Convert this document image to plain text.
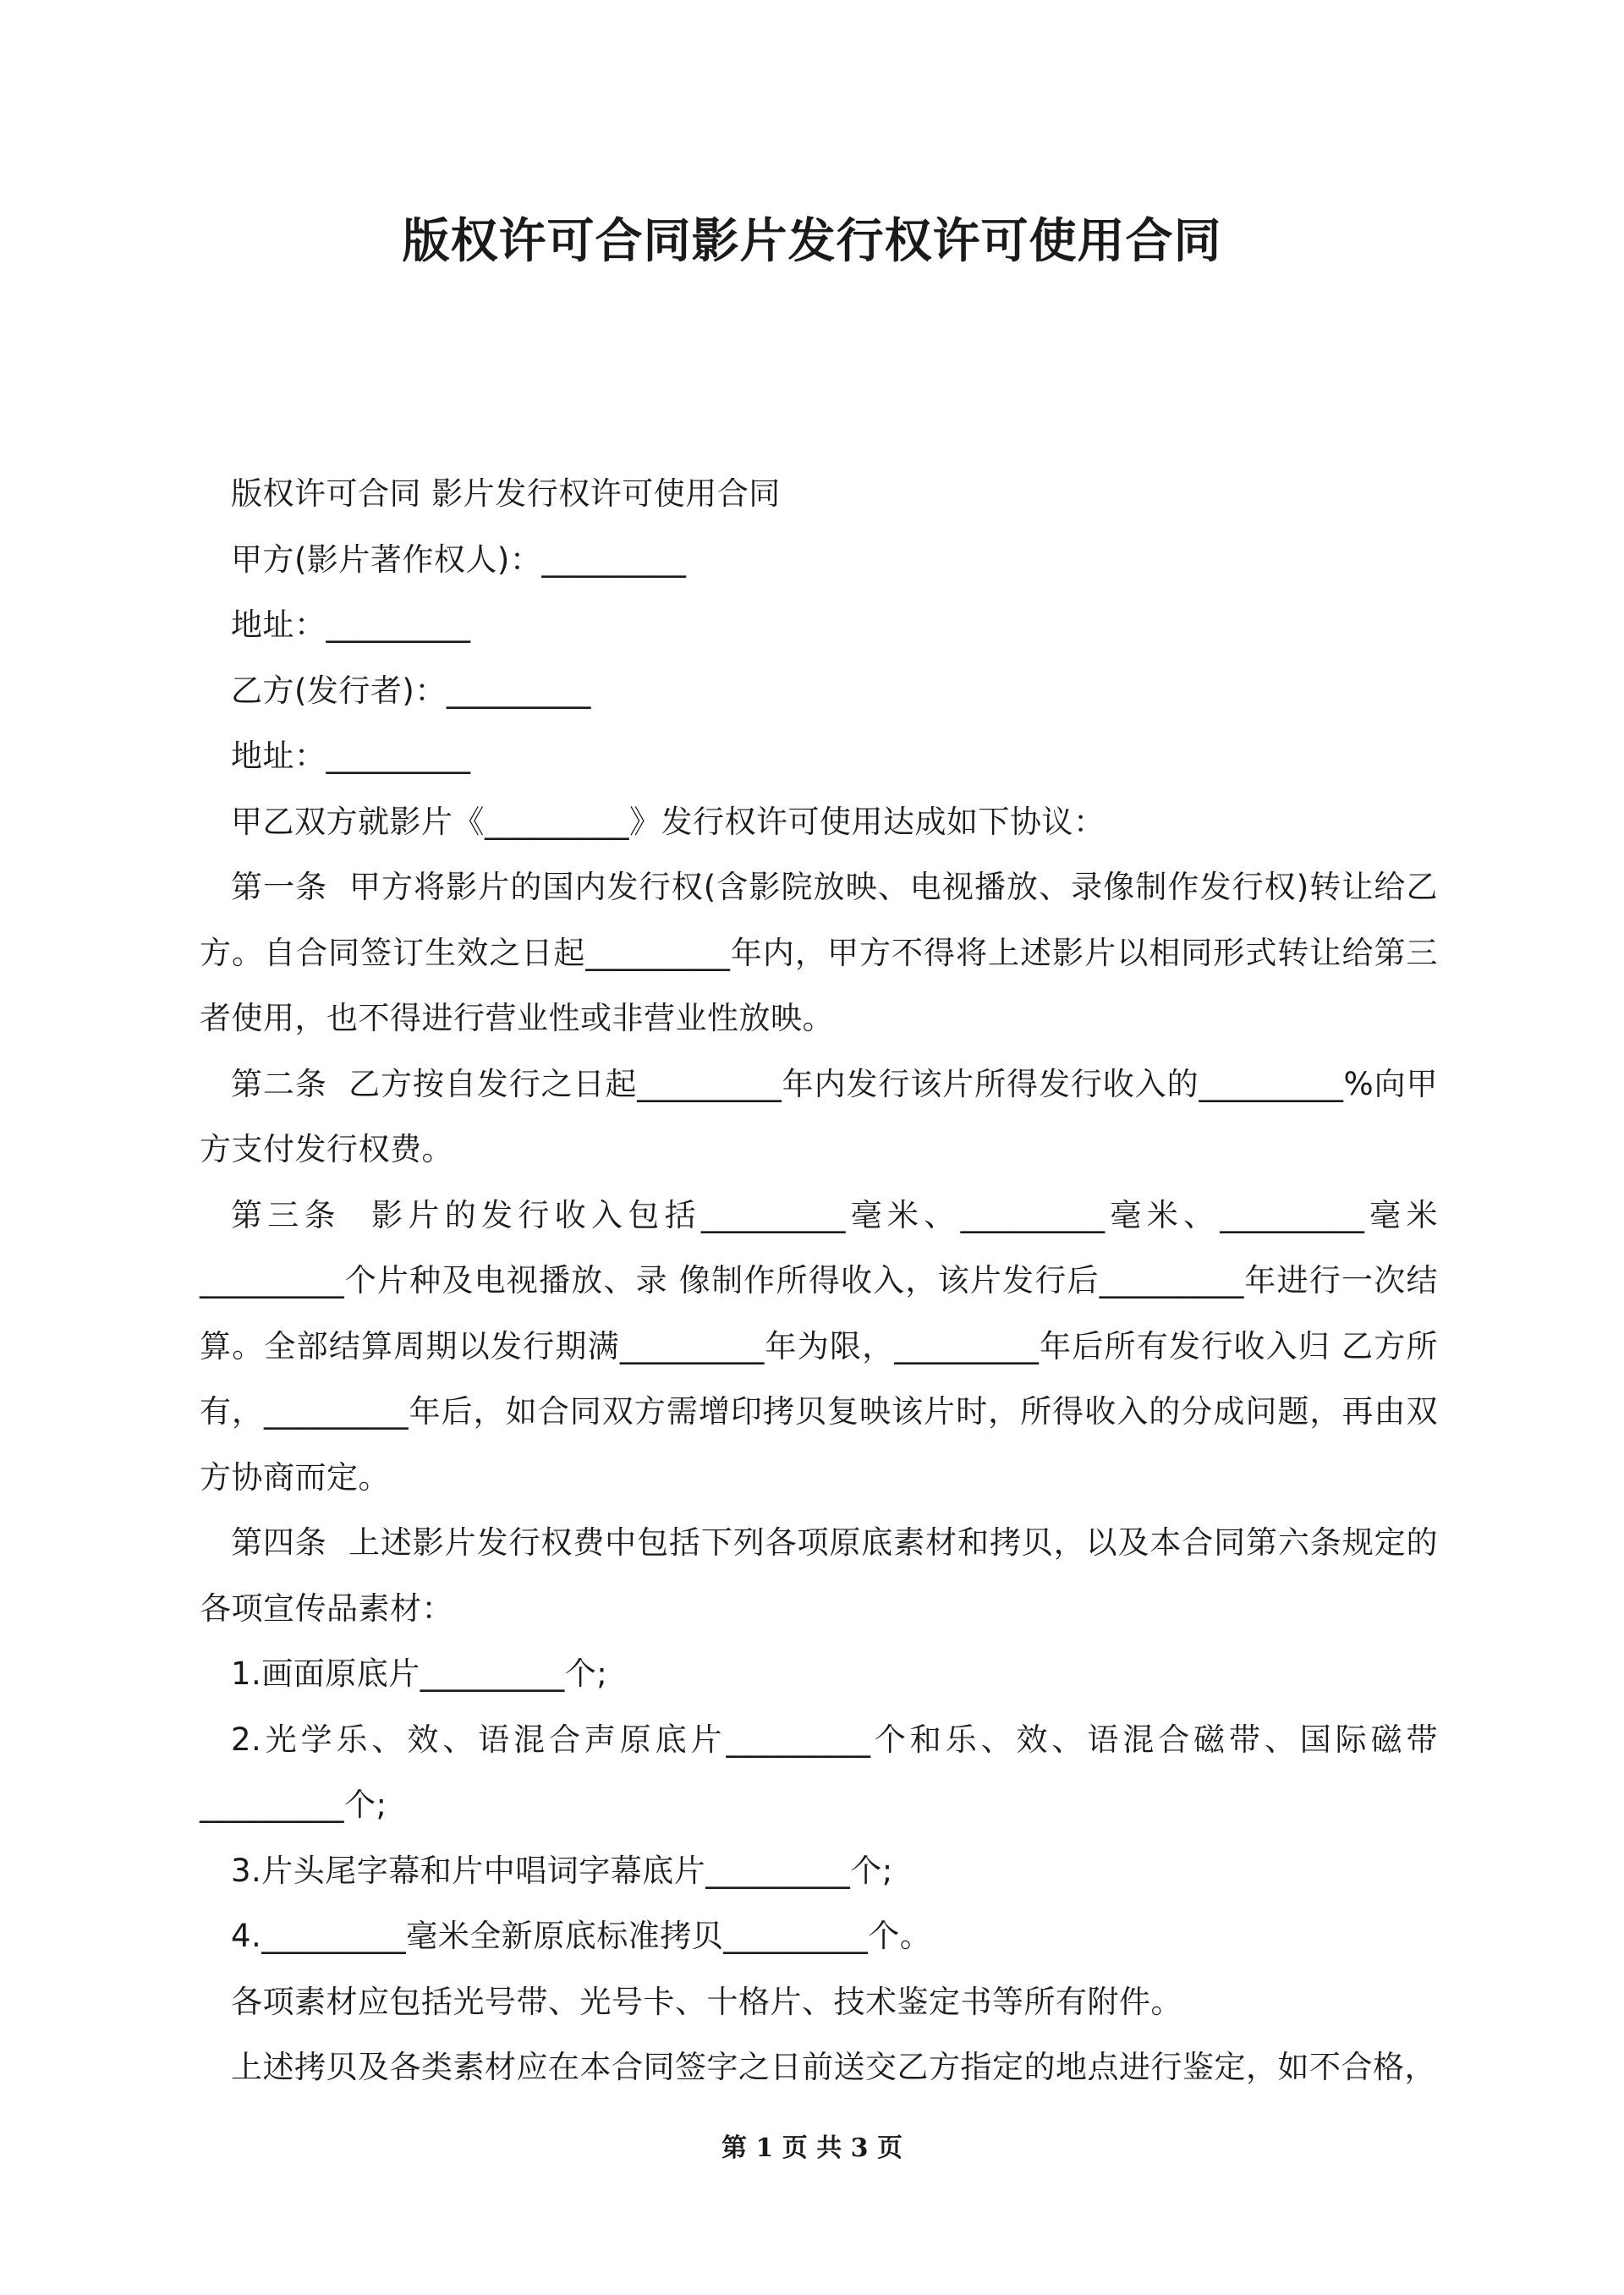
版权许可合同影片发行权许可使用合同

版权许可合同 影片发行权许可使用合同

甲方(影片著作权人)：_________

地址：_________

乙方(发行者)：_________

地址：_________

甲乙双方就影片《_________》发行权许可使用达成如下协议：

第一条  甲方将影片的国内发行权(含影院放映、电视播放、录像制作发行权)转让给乙方。自合同签订生效之日起_________年内，甲方不得将上述影片以相同形式转让给第三者使用，也不得进行营业性或非营业性放映。

第二条  乙方按自发行之日起_________年内发行该片所得发行收入的_________%向甲方支付发行权费。

第三条  影片的发行收入包括_________毫米、_________毫米、_________毫米_________个片种及电视播放、录 像制作所得收入，该片发行后_________年进行一次结算。全部结算周期以发行期满_________年为限，_________年后所有发行收入归 乙方所有，_________年后，如合同双方需增印拷贝复映该片时，所得收入的分成问题，再由双方协商而定。

第四条  上述影片发行权费中包括下列各项原底素材和拷贝，以及本合同第六条规定的各项宣传品素材：

1.画面原底片_________个;

2.光学乐、效、语混合声原底片_________个和乐、效、语混合磁带、国际磁带_________个;

3.片头尾字幕和片中唱词字幕底片_________个;

4._________毫米全新原底标准拷贝_________个。

各项素材应包括光号带、光号卡、十格片、技术鉴定书等所有附件。

上述拷贝及各类素材应在本合同签字之日前送交乙方指定的地点进行鉴定，如不合格，

第 1 页 共 3 页
